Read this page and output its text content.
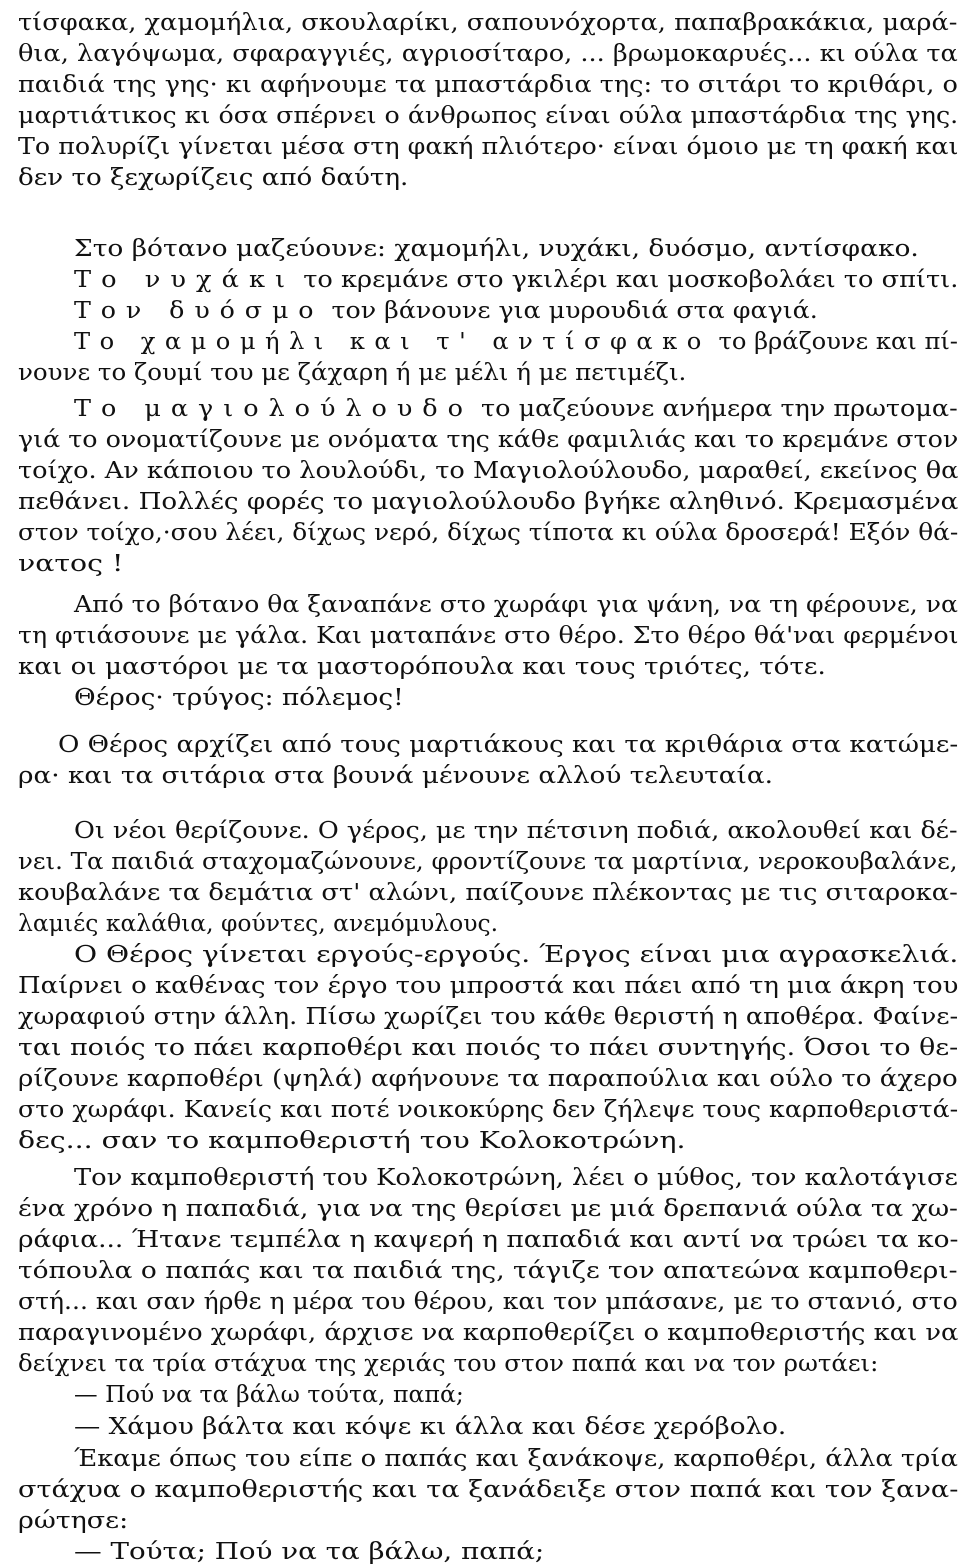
τίσφακα, χαμομήλια, σκουλαρίκι, σαπουνόχορτα, παπαβρακάκια, μαρά-
θια, λαγόψωμα, σφαραγγιές, αγριοσίταρο, ... βρωμοκαρυές... κι ούλα τα
παιδιά της γης· κι αφήνουμε τα μπαστάρδια της: το σιτάρι το κριθάρι, ο
μαρτιάτικος κι όσα σπέρνει ο άνθρωπος είναι ούλα μπαστάρδια της γης.
Το πολυρίζι γίνεται μέσα στη φακή πλιότερο· είναι όμοιο με τη φακή και
δεν το ξεχωρίζεις από δαύτη.
Στο βότανο μαζεύουνε: χαμομήλι, νυχάκι, δυόσμο, αντίσφακο.
Το νυχάκι το κρεμάνε στο γκιλέρι και μοσκοβολάει το σπίτι.
Τον δυόσμο τον βάνουνε για μυρουδιά στα φαγιά.
Το χαμομήλι και τ' αντίσφακο το βράζουνε και πί-
νουνε το ζουμί του με ζάχαρη ή με μέλι ή με πετιμέζι.
Το μαγιολούλουδο το μαζεύουνε ανήμερα την πρωτομα-
γιά το ονοματίζουνε με ονόματα της κάθε φαμιλιάς και το κρεμάνε στον
τοίχο. Αν κάποιου το λουλούδι, το Μαγιολούλουδο, μαραθεί, εκείνος θα
πεθάνει. Πολλές φορές το μαγιολούλουδο βγήκε αληθινό. Κρεμασμένα
στον τοίχο,·σου λέει, δίχως νερό, δίχως τίποτα κι ούλα δροσερά! Εξόν θά-
νατος !
Από το βότανο θα ξαναπάνε στο χωράφι για ψάνη, να τη φέρουνε, να
τη φτιάσουνε με γάλα. Και ματαπάνε στο θέρο. Στο θέρο θά'ναι φερμένοι
και οι μαστόροι με τα μαστορόπουλα και τους τριότες, τότε.
Θέρος· τρύγος: πόλεμος!
Ο Θέρος αρχίζει από τους μαρτιάκους και τα κριθάρια στα κατώμε-
ρα· και τα σιτάρια στα βουνά μένουνε αλλού τελευταία.
Οι νέοι θερίζουνε. Ο γέρος, με την πέτσινη ποδιά, ακολουθεί και δέ-
νει. Τα παιδιά σταχομαζώνουνε, φροντίζουνε τα μαρτίνια, νεροκουβαλάνε,
κουβαλάνε τα δεμάτια στ' αλώνι, παίζουνε πλέκοντας με τις σιταροκα-
λαμιές καλάθια, φούντες, ανεμόμυλους.
Ο Θέρος γίνεται εργούς-εργούς. Έργος είναι μια αγρασκελιά.
Παίρνει ο καθένας τον έργο του μπροστά και πάει από τη μια άκρη του
χωραφιού στην άλλη. Πίσω χωρίζει του κάθε θεριστή η αποθέρα. Φαίνε-
ται ποιός το πάει καρποθέρι και ποιός το πάει συντηγής. Όσοι το θε-
ρίζουνε καρποθέρι (ψηλά) αφήνουνε τα παραπούλια και ούλο το άχερο
στο χωράφι. Κανείς και ποτέ νοικοκύρης δεν ζήλεψε τους καρποθεριστά-
δες... σαν το καμποθεριστή του Κολοκοτρώνη.
Τον καμποθεριστή του Κολοκοτρώνη, λέει ο μύθος, τον καλοτάγισε
ένα χρόνο η παπαδιά, για να της θερίσει με μιά δρεπανιά ούλα τα χω-
ράφια... Ήτανε τεμπέλα η καψερή η παπαδιά και αντί να τρώει τα κο-
τόπουλα ο παπάς και τα παιδιά της, τάγιζε τον απατεώνα καμποθερι-
στή... και σαν ήρθε η μέρα του θέρου, και τον μπάσανε, με το στανιό, στο
παραγινομένο χωράφι, άρχισε να καρποθερίζει ο καμποθεριστής και να
δείχνει τα τρία στάχυα της χεριάς του στον παπά και να τον ρωτάει:
— Πού να τα βάλω τούτα, παπά;
— Χάμου βάλτα και κόψε κι άλλα και δέσε χερόβολο.
Έκαμε όπως του είπε ο παπάς και ξανάκοψε, καρποθέρι, άλλα τρία
στάχυα ο καμποθεριστής και τα ξανάδειξε στον παπά και τον ξανα-
ρώτησε:
— Τούτα; Πού να τα βάλω, παπά;
